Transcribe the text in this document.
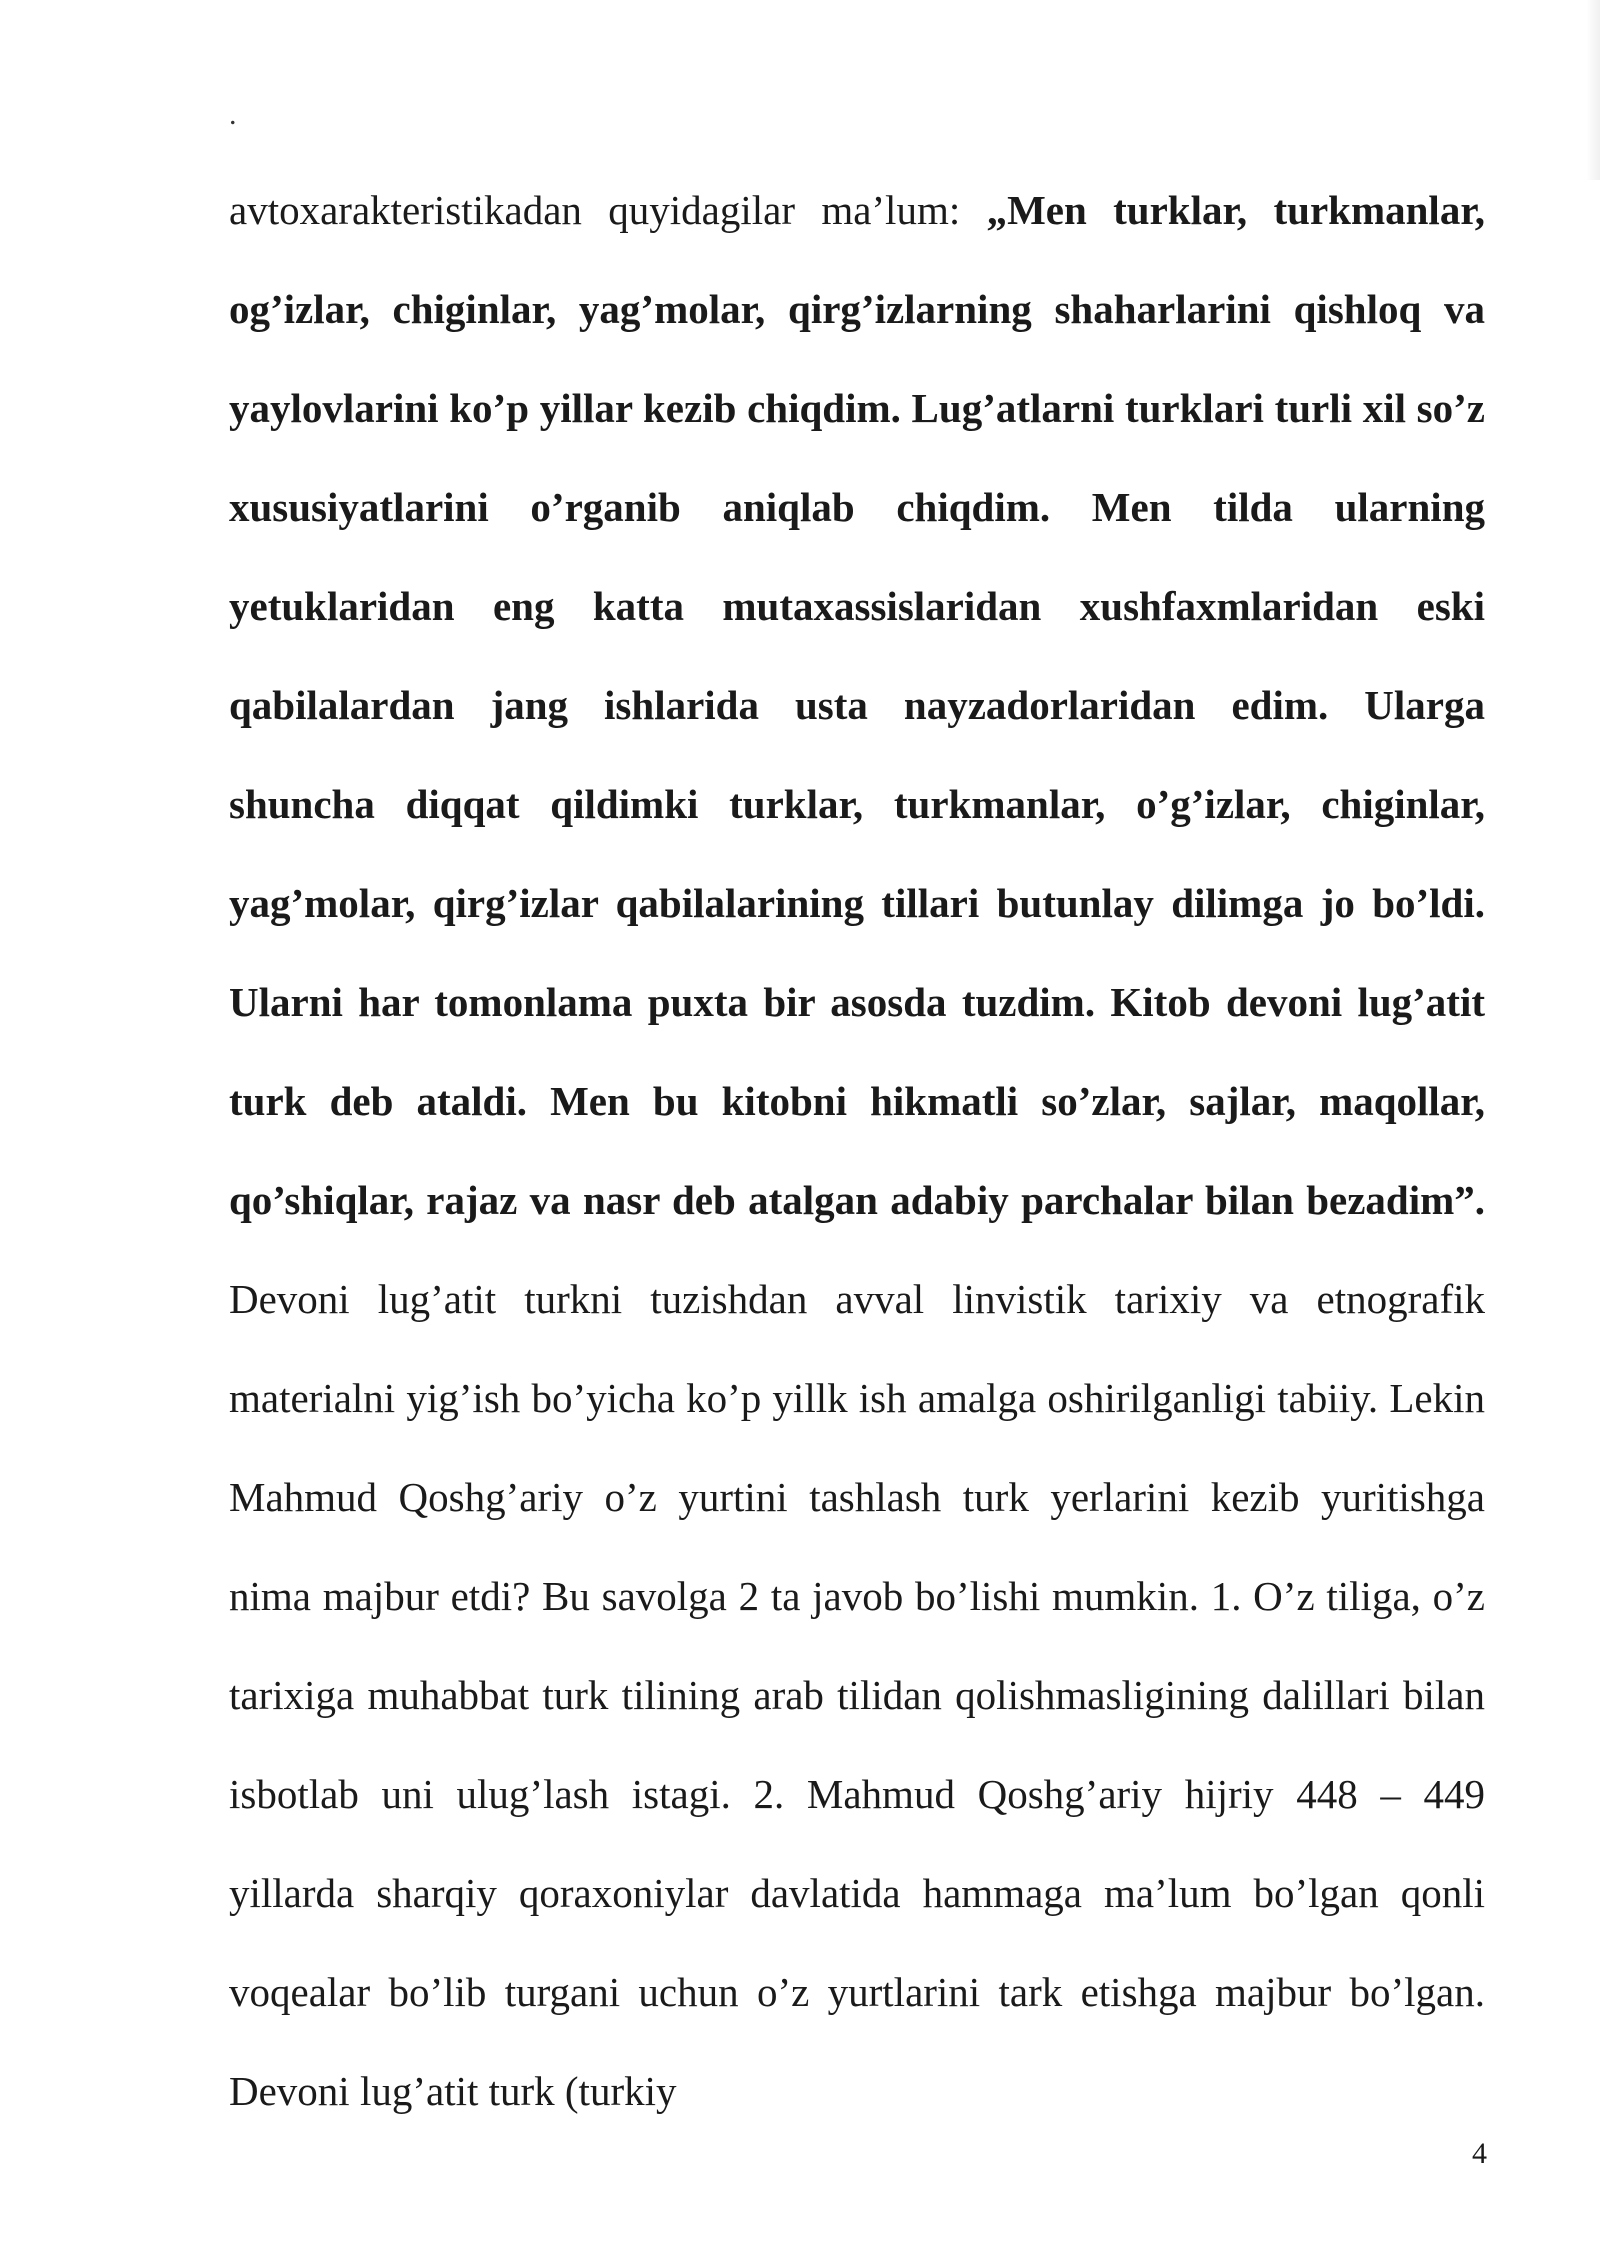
.

avtoxarakteristikadan quyidagilar ma’lum: „Men turklar, turkmanlar, og’izlar, chiginlar, yag’molar, qirg’izlarning shaharlarini qishloq va yaylovlarini ko’p yillar kezib chiqdim. Lug’atlarni turklari turli xil so’z xususiyatlarini o’rganib aniqlab chiqdim. Men tilda ularning yetuklaridan eng katta mutaxassislaridan xushfaxmlaridan eski qabilalardan jang ishlarida usta nayzadorlaridan edim. Ularga shuncha diqqat qildimki turklar, turkmanlar, o’g’izlar, chiginlar, yag’molar, qirg’izlar qabilalarining tillari butunlay dilimga jo bo’ldi. Ularni har tomonlama puxta bir asosda tuzdim. Kitob devoni lug’atit turk deb ataldi. Men bu kitobni hikmatli so’zlar, sajlar, maqollar, qo’shiqlar, rajaz va nasr deb atalgan adabiy parchalar bilan bezadim”. Devoni lug’atit turkni tuzishdan avval linvistik tarixiy va etnografik materialni yig’ish bo’yicha ko’p yillk ish amalga oshirilganligi tabiiy. Lekin Mahmud Qoshg’ariy o’z yurtini tashlash turk yerlarini kezib yuritishga nima majbur etdi? Bu savolga 2 ta javob bo’lishi mumkin. 1. O’z tiliga, o’z tarixiga muhabbat turk tilining arab tilidan qolishmasligining dalillari bilan isbotlab uni ulug’lash istagi. 2. Mahmud Qoshg’ariy hijriy 448 – 449 yillarda sharqiy qoraxoniylar davlatida hammaga ma’lum bo’lgan qonli voqealar bo’lib turgani uchun o’z yurtlarini tark etishga majbur bo’lgan. Devoni lug’atit turk (turkiy

4
